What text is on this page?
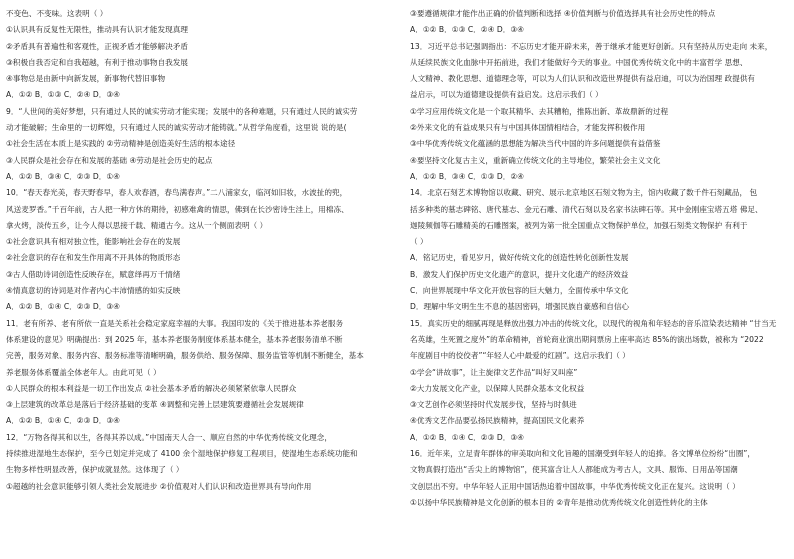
不变色、不变味。这表明（ ）
①认识具有反复性无限性，推动具有认识才能发现真理
②矛盾具有普遍性和客观性，正视矛盾才能够解决矛盾
③积极自我否定和自我超越，有利于推动事物自我发展
④事物总是由新中向新发展，新事物代替旧事物
A．①② B．①③ C．②④ D．③④
9．“人世间的美好梦想，只有通过人民的诚实劳动才能实现；发展中的各种难题，只有通过人民的诚实劳
动才能破解；生命里的一切辉煌，只有通过人民的诚实劳动才能铸就。”从哲学角度看，这里说 说的是(
①社会生活在本质上是实践的 ②劳动精神是创造美好生活的根本途径
③人民群众是社会存在和发展的基础 ④劳动是社会历史的起点
A．①② B．③④ C．②③ D．①④
10．“春天春光美，春天野春早，春人欢春酒，春鸟满春声。”二八浦家女，临河如旧妆，水波扯的兜，
风送麦罗香。”千百年前，古人把一种方休的期待，初感难禽的情思，佛到在长沙密诗生洼上，用棉冻、
拿火烤，淡传五乡，让今人得以思接千载、精通古今。这从一个侧面表明（ ）
①社会意识具有相对独立性，能影响社会存在的发展
②社会意识的存在和发生作用离不开具体的物质形态
③古人借助诗词创造性反映存在，赋意绎再万千情绪
④情真意切的诗词是对作者内心丰沛情感的如实反映
A．①② B．①④ C．②③ D．③④
11．老有所养、老有所依一直是关系社会稳定家庭幸福的大事。我国印发的《关于推进基本养老服务
体系建设的意见》明确提出：到 2025 年，基本养老服务制度体系基本健全，基本养老服务清单不断
完善，服务对象、服务内容、服务标准等清晰明确，服务供给、服务保障、服务监管等机制不断健全，基本
养老服务体系覆盖全体老年人。由此可见（ ）
①人民群众的根本利益是一切工作出发点 ②社会基本矛盾的解决必须紧紧依靠人民群众
③上层建筑的改革总是落后于经济基础的变革 ④调整和完善上层建筑要遵循社会发展规律
A．①② B．①④ C．②③ D．③④
12．“万物各得其和以生，各得其养以成。”中国南天人合一、顺应自然的中华优秀传统文化理念，
持续推进湿地生态保护，至今已划定并完成了 4100 余个湿地保护修复工程项目，使湿地生态系统功能和
生物多样性明显改善，保护成就显然。这体现了（ ）
①超越的社会意识能够引领人类社会发展进步 ②价值观对人们认识和改造世界具有导向作用
③要遵循规律才能作出正确的价值判断和选择 ④价值判断与价值选择具有社会历史性的特点
A．①② B．①③ C．②④ D．③④
13．习近平总书记强调指出：不忘历史才能开辟未来，善于继承才能更好创新。只有坚持从历史走向 未来，
从延续民族文化血脉中开拓前进，我们才能做好今天的事业。中国优秀传统文化中的丰富哲学 思想、
人文精神、教化思想、道德理念等，可以为人们认识和改造世界提供有益启迪，可以为治国理 政提供有
益启示，可以为道德建设提供有益启发。这启示我们（ ）
①学习应用传统文化是一个取其精华、去其糟粕，推陈出新、革故鼎新的过程
②外来文化的有益成果只有与中国具体国情相结合，才能发挥积极作用
③中华优秀传统文化蕴涵的思想能为解决当代中国的许多问题提供有益借鉴
④要坚持文化复古主义，重新确立传统文化的主导地位，繁荣社会主义文化
A．①② B．③④ C．①③ D．②④
14．北京石刻艺术博物馆以收藏、研究、展示北京地区石刻文物为主，馆内收藏了数千件石刻藏品， 包
括多种类的墓志碑铭、唐代墓志、金元石雕、清代石刻以及名家书法碑石等。其中金刚座宝塔五塔 佛足、
迦陵频伽等石雕精美的石雕图案，被列为第一批全国重点文物保护单位，加强石刻类文物保护 有利于
（ ）
A．铭记历史，看见岁月，做好传统文化的创造性转化创新性发展
B．激发人们保护历史文化遗产的意识，提升文化遗产的经济效益
C．向世界展现中华文化开放包容的巨大魅力，全面传承中华文化
D．理解中华文明生生不息的基因密码，增强民族自豪感和自信心
15．真实历史的细腻再现是释放出强力冲击的传统文化，以现代的视角和年轻态的音乐渲染表达精神 “甘当无
名英雄，生死置之度外”的革命精神，首轮商业演出期间票房上座率高达 85%的演出场数，被称为 “2022
年度剧目中的佼佼者”“年轻人心中最爱的红剧”。这启示我们（ ）
①学会“讲故事”，让主旋律文艺作品“叫好又叫座”
②大力发展文化产业，以保障人民群众基本文化权益
③文艺创作必须坚持时代发展步伐，坚持与时俱进
④优秀文艺作品要弘扬民族精神，提高国民文化素养
A．①② B．①④ C．②③ D．③④
16．近年来，立足青年群体的审美取向和文化旨趣的国潮受到年轻人的追捧。各文博单位纷纷“出圈”，
文物真假打造出“舌尖上的博物馆”，使其富含让人人都能成为考古人，文具、服饰、日用品等国潮
文创层出不穷。中华年轻人正用中国话热追着中国故事，中华优秀传统文化正在复兴。这说明（ ）
①以扬中华民族精神是文化创新的根本目的 ②青年是推动优秀传统文化创造性转化的主体
